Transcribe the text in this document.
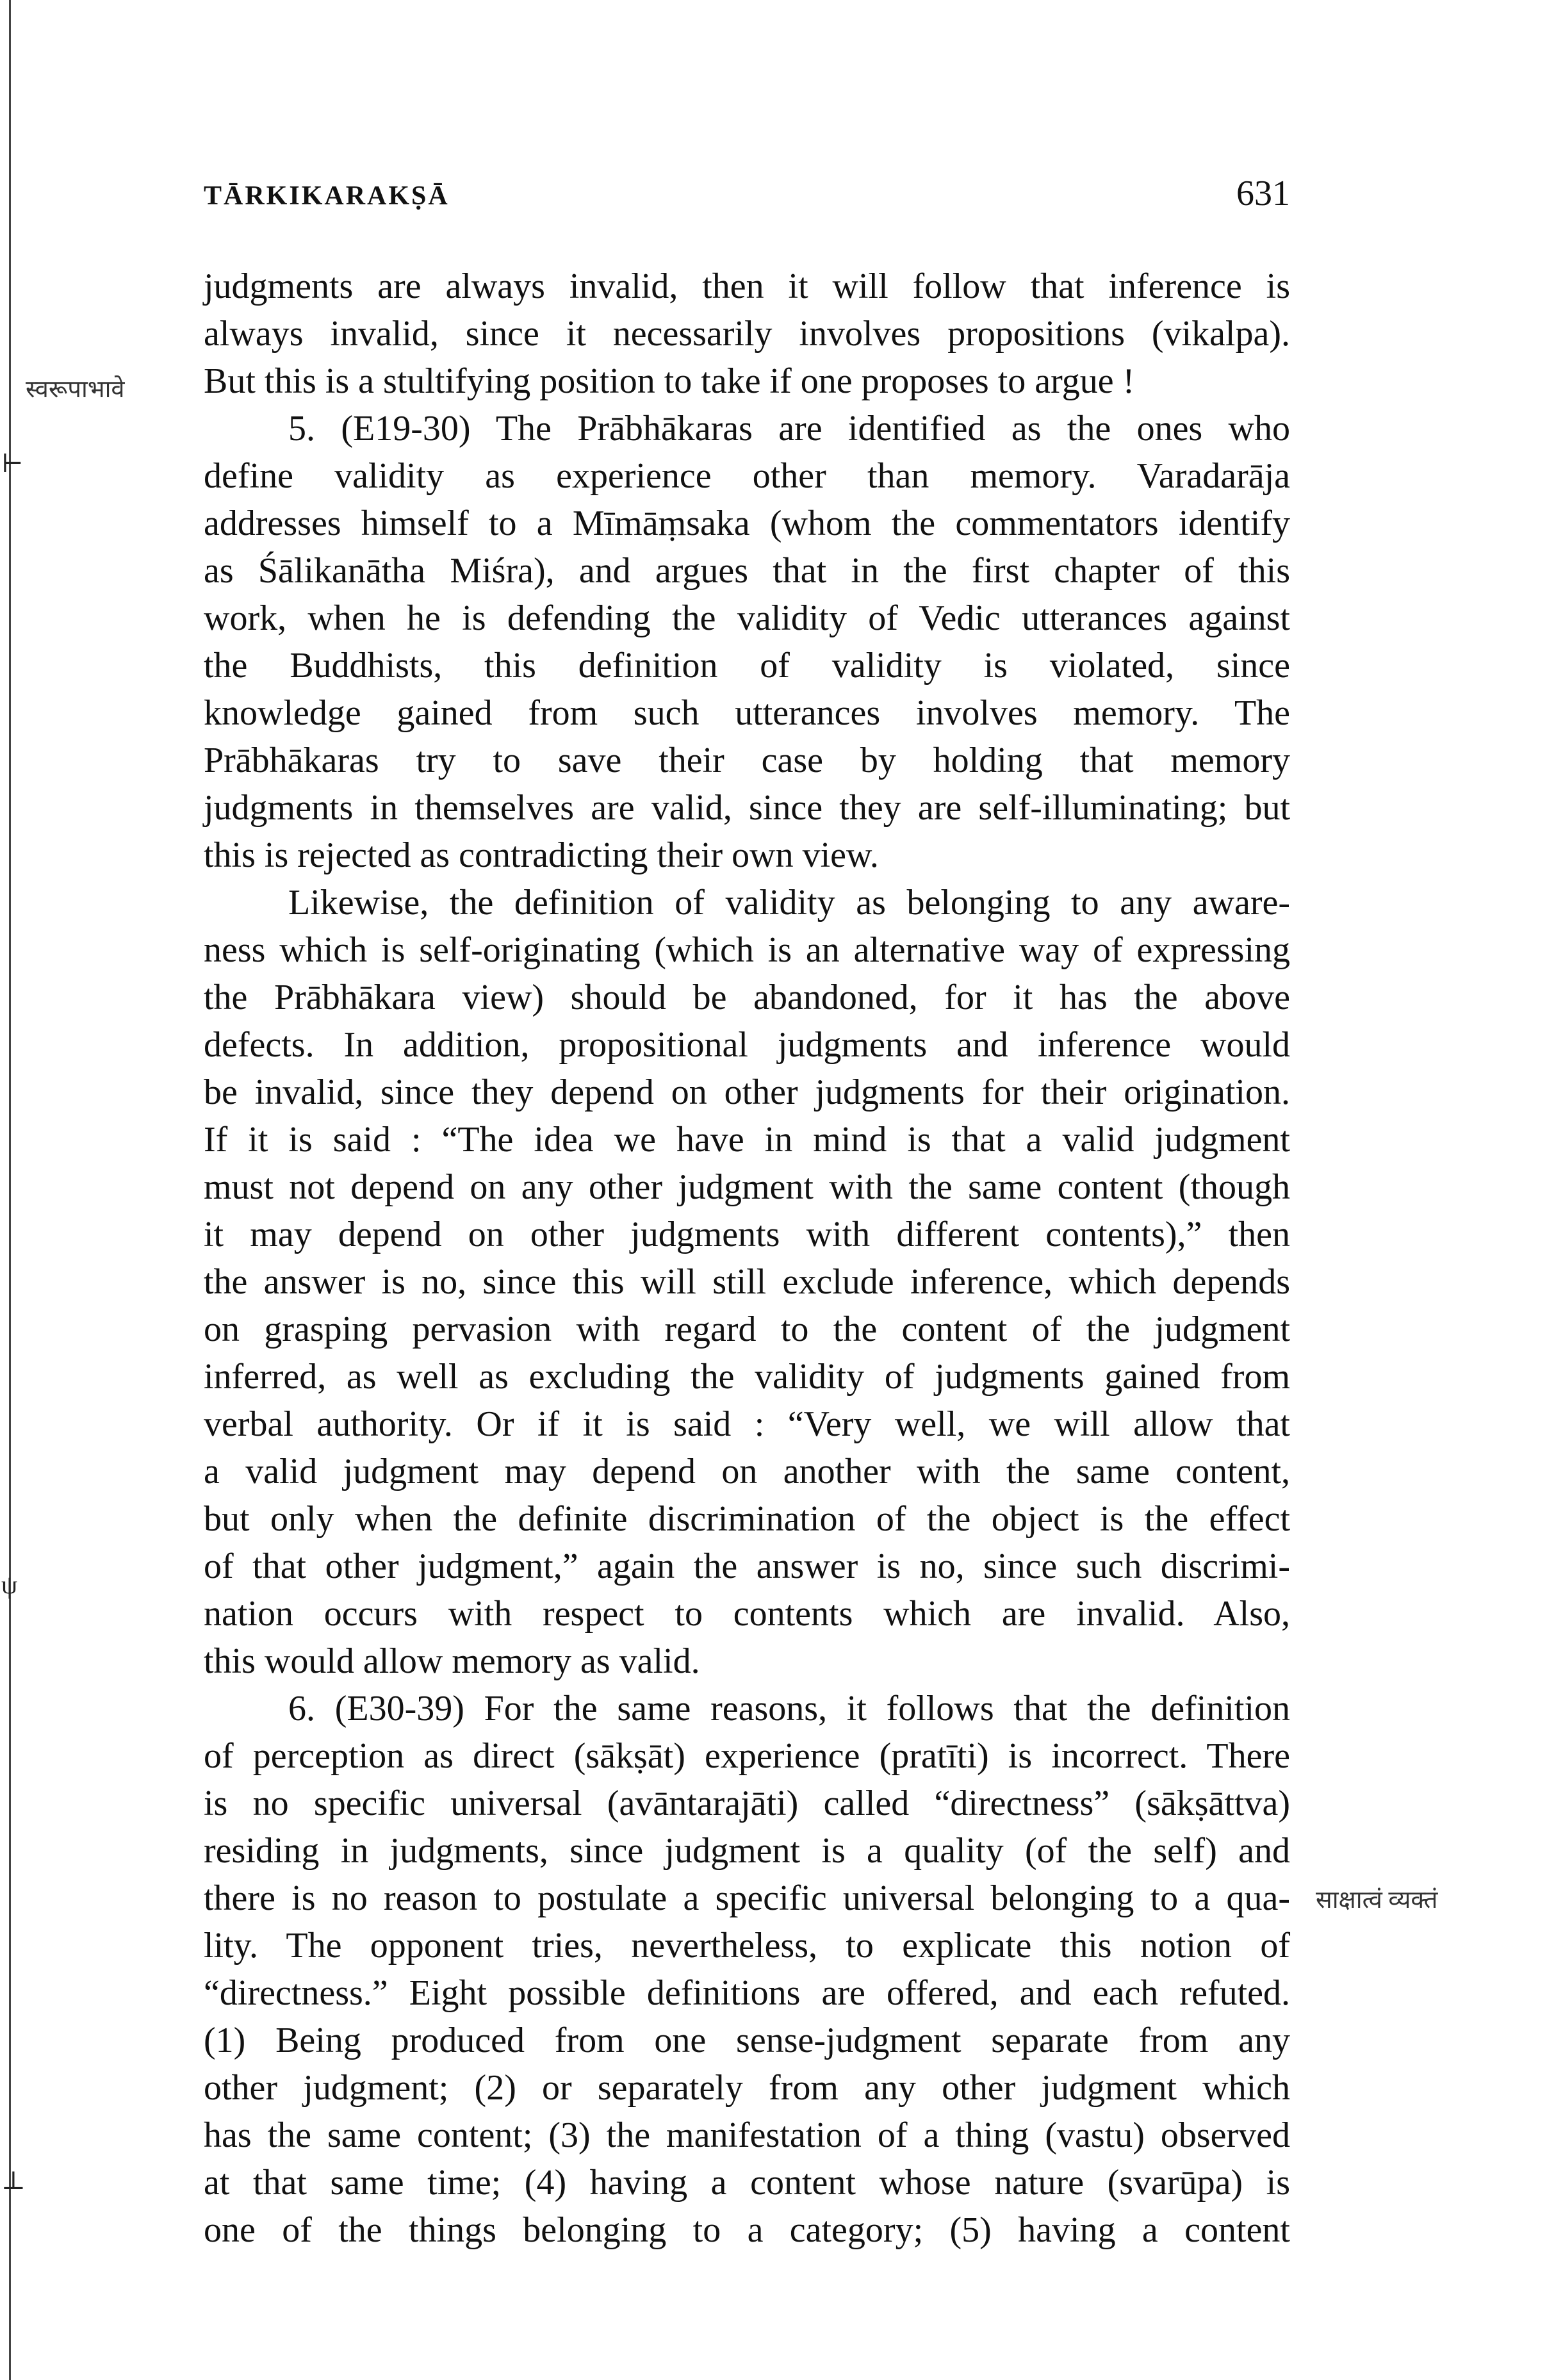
⊢
ψ
⊥
TĀRKIKARAKṢĀ	631
स्वरूपाभावे
साक्षात्वं व्यक्तं
judgments are always invalid, then it will follow that inference is
always invalid, since it necessarily involves propositions (vikalpa).
But this is a stultifying position to take if one proposes to argue !
5. (E19-30) The Prābhākaras are identified as the ones who
define validity as experience other than memory. Varadarāja
addresses himself to a Mīmāṃsaka (whom the commentators identify
as Śālikanātha Miśra), and argues that in the first chapter of this
work, when he is defending the validity of Vedic utterances against
the Buddhists, this definition of validity is violated, since
knowledge gained from such utterances involves memory. The
Prābhākaras try to save their case by holding that memory
judgments in themselves are valid, since they are self-illuminating; but
this is rejected as contradicting their own view.
Likewise, the definition of validity as belonging to any aware-
ness which is self-originating (which is an alternative way of expressing
the Prābhākara view) should be abandoned, for it has the above
defects. In addition, propositional judgments and inference would
be invalid, since they depend on other judgments for their origination.
If it is said : “The idea we have in mind is that a valid judgment
must not depend on any other judgment with the same content (though
it may depend on other judgments with different contents),” then
the answer is no, since this will still exclude inference, which depends
on grasping pervasion with regard to the content of the judgment
inferred, as well as excluding the validity of judgments gained from
verbal authority. Or if it is said : “Very well, we will allow that
a valid judgment may depend on another with the same content,
but only when the definite discrimination of the object is the effect
of that other judgment,” again the answer is no, since such discrimi-
nation occurs with respect to contents which are invalid. Also,
this would allow memory as valid.
6. (E30-39) For the same reasons, it follows that the definition
of perception as direct (sākṣāt) experience (pratīti) is incorrect. There
is no specific universal (avāntarajāti) called “directness” (sākṣāttva)
residing in judgments, since judgment is a quality (of the self) and
there is no reason to postulate a specific universal belonging to a qua-
lity. The opponent tries, nevertheless, to explicate this notion of
“directness.” Eight possible definitions are offered, and each refuted.
(1) Being produced from one sense-judgment separate from any
other judgment; (2) or separately from any other judgment which
has the same content; (3) the manifestation of a thing (vastu) observed
at that same time; (4) having a content whose nature (svarūpa) is
one of the things belonging to a category; (5) having a content
